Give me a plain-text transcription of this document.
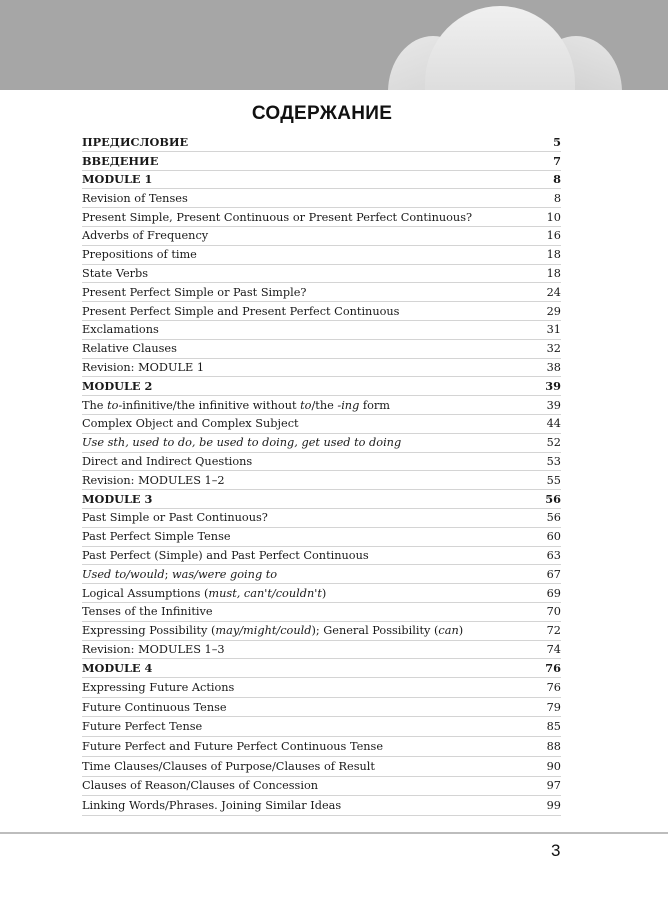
СОДЕРЖАНИЕ
ПРЕДИСЛОВИЕ	5
ВВЕДЕНИЕ	7
MODULE 1	8
Revision of Tenses	8
Present Simple, Present Continuous or Present Perfect Continuous?	10
Adverbs of Frequency	16
Prepositions of time	18
State Verbs	18
Present Perfect Simple or Past Simple?	24
Present Perfect Simple and Present Perfect Continuous	29
Exclamations	31
Relative Clauses	32
Revision: MODULE 1	38
MODULE 2	39
The to-infinitive/the infinitive without to/the -ing form	39
Complex Object and Complex Subject	44
Use sth, used to do, be used to doing, get used to doing	52
Direct and Indirect Questions	53
Revision: MODULES 1–2	55
MODULE 3	56
Past Simple or Past Continuous?	56
Past Perfect Simple Tense	60
Past Perfect (Simple) and Past Perfect Continuous	63
Used to/would; was/were going to	67
Logical Assumptions (must, can't/couldn't)	69
Tenses of the Infinitive	70
Expressing Possibility (may/might/could); General Possibility (can)	72
Revision: MODULES 1–3	74
MODULE 4	76
Expressing Future Actions	76
Future Continuous Tense	79
Future Perfect Tense	85
Future Perfect and Future Perfect Continuous Tense	88
Time Clauses/Clauses of Purpose/Clauses of Result	90
Clauses of Reason/Clauses of Concession	97
Linking Words/Phrases. Joining Similar Ideas	99
3
